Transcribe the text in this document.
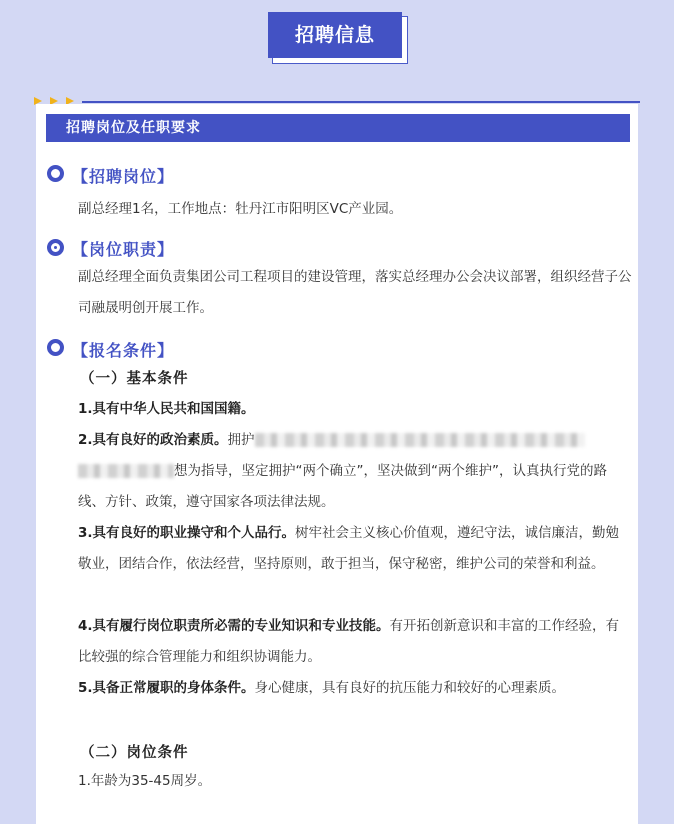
招聘信息
招聘岗位及任职要求
【招聘岗位】

副总经理1名，工作地点：牡丹江市阳明区VC产业园。

【岗位职责】

副总经理全面负责集团公司工程项目的建设管理，落实总经理办公会决议部署，组织经营子公司融晟明创开展工作。

【报名条件】
（一）基本条件

1.具有中华人民共和国国籍。

2.具有良好的政治素质。拥护
想为指导，坚定拥护“两个确立”，坚决做到“两个维护”，认真执行党的路线、方针、政策，遵守国家各项法律法规。

3.具有良好的职业操守和个人品行。树牢社会主义核心价值观，遵纪守法，诚信廉洁，勤勉敬业，团结合作，依法经营，坚持原则，敢于担当，保守秘密，维护公司的荣誉和利益。

4.具有履行岗位职责所必需的专业知识和专业技能。有开拓创新意识和丰富的工作经验，有比较强的综合管理能力和组织协调能力。

5.具备正常履职的身体条件。身心健康，具有良好的抗压能力和较好的心理素质。

（二）岗位条件

1.年龄为35-45周岁。
